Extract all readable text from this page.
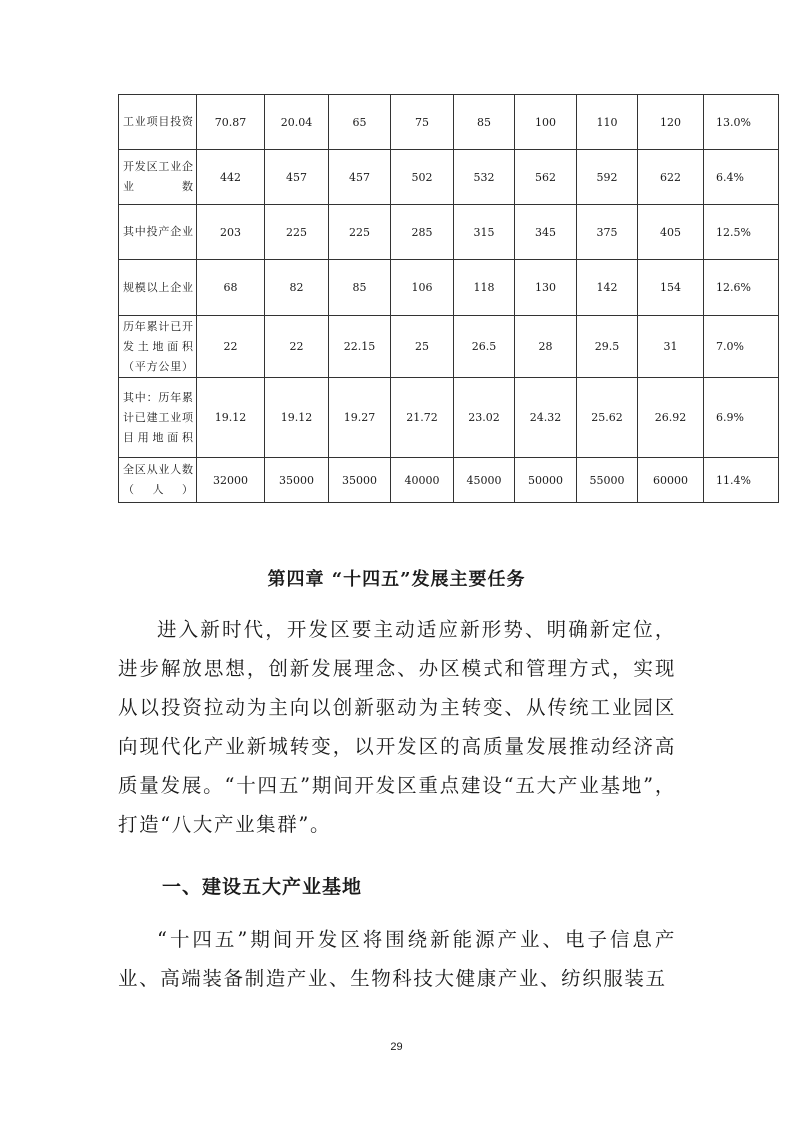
工业项目投资	70.87	20.04	65	75	85	100	110	120	13.0%
开发区工业企业数	442	457	457	502	532	562	592	622	6.4%
其中投产企业	203	225	225	285	315	345	375	405	12.5%
规模以上企业	68	82	85	106	118	130	142	154	12.6%
历年累计已开发土地面积（平方公里）	22	22	22.15	25	26.5	28	29.5	31	7.0%
其中：历年累计已建工业项目用地面积	19.12	19.12	19.27	21.72	23.02	24.32	25.62	26.92	6.9%
全区从业人数（人）	32000	35000	35000	40000	45000	50000	55000	60000	11.4%
第四章 “十四五”发展主要任务
进入新时代，开发区要主动适应新形势、明确新定位，进步解放思想，创新发展理念、办区模式和管理方式，实现从以投资拉动为主向以创新驱动为主转变、从传统工业园区向现代化产业新城转变，以开发区的高质量发展推动经济高质量发展。“十四五”期间开发区重点建设“五大产业基地”，打造“八大产业集群”。
一、建设五大产业基地
“十四五”期间开发区将围绕新能源产业、电子信息产业、高端装备制造产业、生物科技大健康产业、纺织服装五
29
